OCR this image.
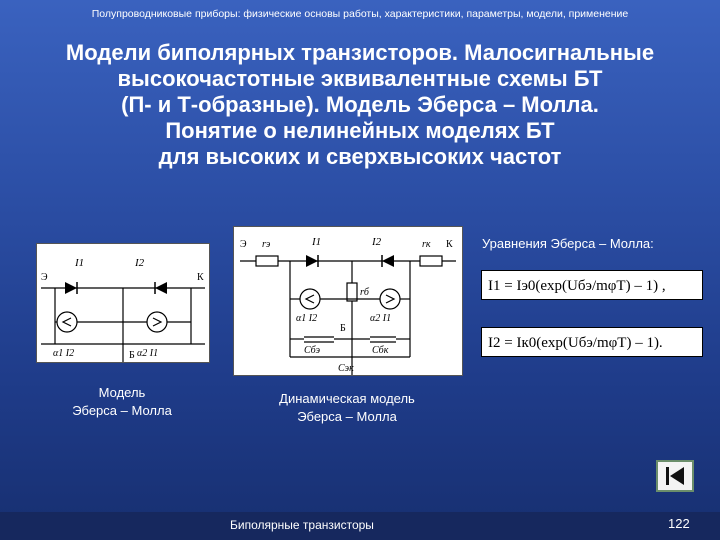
Полупроводниковые приборы: физические основы работы, характеристики, параметры, модели, применение
Модели биполярных транзисторов. Малосигнальные
высокочастотные эквивалентные схемы БТ
(П- и Т-образные). Модель Эберса – Молла.
Понятие о нелинейных моделях БТ
для высоких и сверхвысоких частот
Э	К
Б
I1	I2
α1 I2	α2 I1
Модель
Эберса – Молла
Э	К
Б
rэ	rк
rб
I1	I2
α1 I2	α2 I1
Cбэ	Cбк
Cэк
Динамическая модель
Эберса – Молла
Уравнения Эберса – Молла:
I1 = Iэ0(exp(Uбэ/mφT) – 1) ,
I2 = Iк0(exp(Uбэ/mφT) – 1).
Биполярные транзисторы	122
